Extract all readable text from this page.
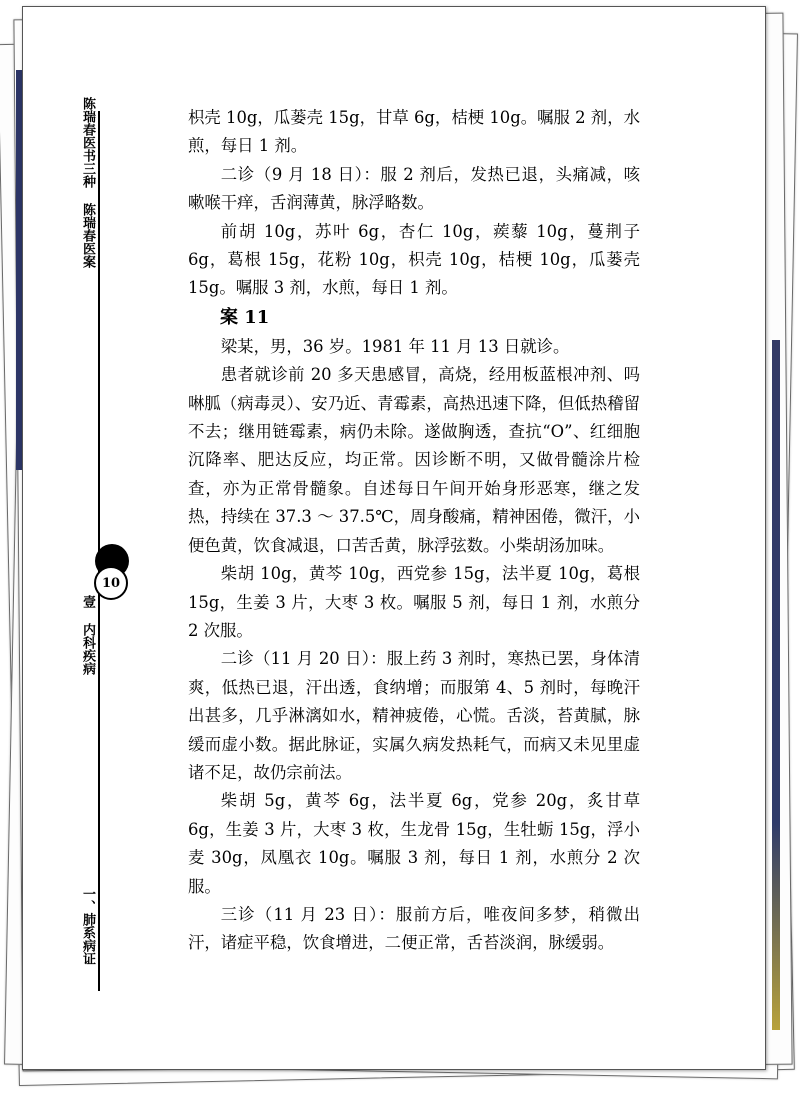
陈瑞春医书三种
陈瑞春医案
10
壹 内科疾病
一、肺系病证

枳壳 10g，瓜蒌壳 15g，甘草 6g，桔梗 10g。嘱服 2 剂，水煎，每日 1 剂。

二诊（9 月 18 日）：服 2 剂后，发热已退，头痛减，咳嗽喉干痒，舌润薄黄，脉浮略数。

前胡 10g，苏叶 6g，杏仁 10g，蒺藜 10g，蔓荆子 6g，葛根 15g，花粉 10g，枳壳 10g，桔梗 10g，瓜蒌壳 15g。嘱服 3 剂，水煎，每日 1 剂。

案 11

梁某，男，36 岁。1981 年 11 月 13 日就诊。

患者就诊前 20 多天患感冒，高烧，经用板蓝根冲剂、吗啉胍（病毒灵）、安乃近、青霉素，高热迅速下降，但低热稽留不去；继用链霉素，病仍未除。遂做胸透，查抗“O”、红细胞沉降率、肥达反应，均正常。因诊断不明，又做骨髓涂片检查，亦为正常骨髓象。自述每日午间开始身形恶寒，继之发热，持续在 37.3 ～ 37.5℃，周身酸痛，精神困倦，微汗，小便色黄，饮食减退，口苦舌黄，脉浮弦数。小柴胡汤加味。

柴胡 10g，黄芩 10g，西党参 15g，法半夏 10g，葛根 15g，生姜 3 片，大枣 3 枚。嘱服 5 剂，每日 1 剂，水煎分 2 次服。

二诊（11 月 20 日）：服上药 3 剂时，寒热已罢，身体清爽，低热已退，汗出透，食纳增；而服第 4、5 剂时，每晚汗出甚多，几乎淋漓如水，精神疲倦，心慌。舌淡，苔黄腻，脉缓而虚小数。据此脉证，实属久病发热耗气，而病又未见里虚诸不足，故仍宗前法。

柴胡 5g，黄芩 6g，法半夏 6g，党参 20g，炙甘草 6g，生姜 3 片，大枣 3 枚，生龙骨 15g，生牡蛎 15g，浮小麦 30g，凤凰衣 10g。嘱服 3 剂，每日 1 剂，水煎分 2 次服。

三诊（11 月 23 日）：服前方后，唯夜间多梦，稍微出汗，诸症平稳，饮食增进，二便正常，舌苔淡润，脉缓弱。
